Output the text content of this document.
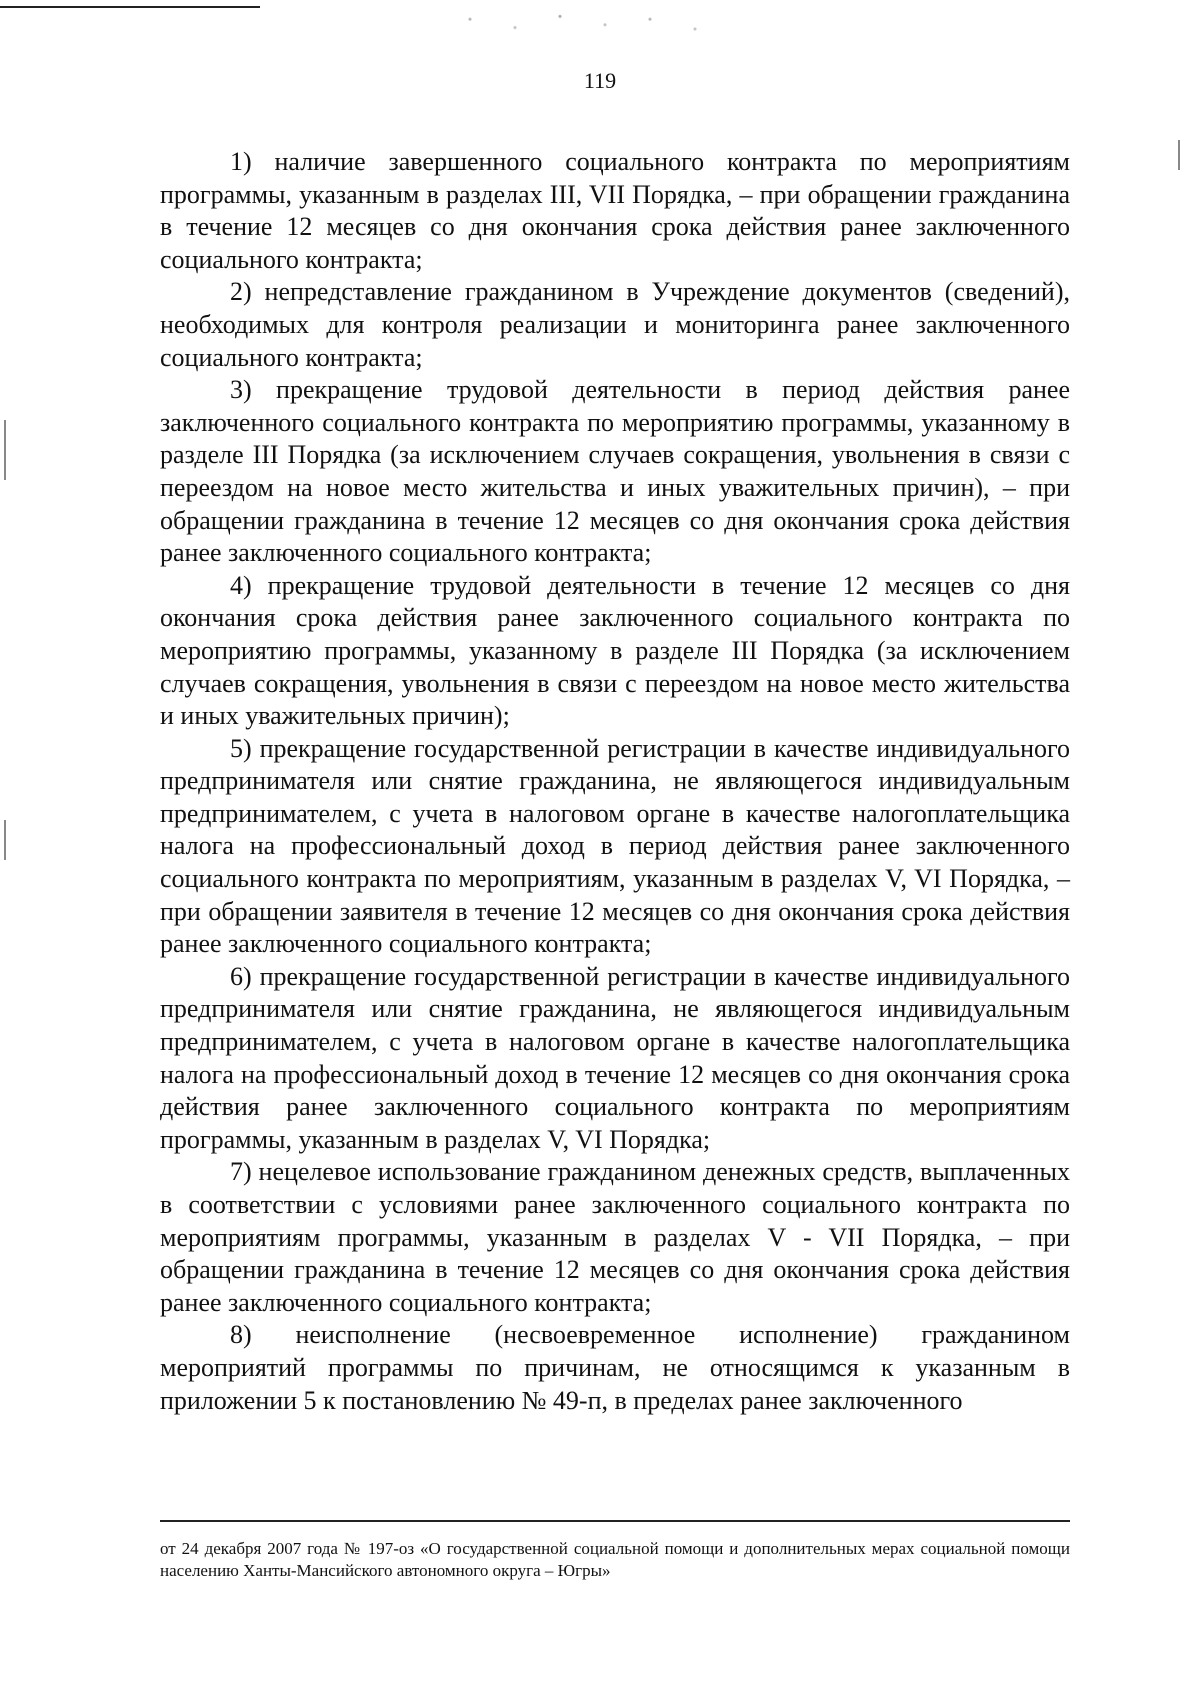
119

1) наличие завершенного социального контракта по мероприятиям программы, указанным в разделах III, VII Порядка, – при обращении гражданина в течение 12 месяцев со дня окончания срока действия ранее заключенного социального контракта;

2) непредставление гражданином в Учреждение документов (сведений), необходимых для контроля реализации и мониторинга ранее заключенного социального контракта;

3) прекращение трудовой деятельности в период действия ранее заключенного социального контракта по мероприятию программы, указанному в разделе III Порядка (за исключением случаев сокращения, увольнения в связи с переездом на новое место жительства и иных уважительных причин), – при обращении гражданина в течение 12 месяцев со дня окончания срока действия ранее заключенного социального контракта;

4) прекращение трудовой деятельности в течение 12 месяцев со дня окончания срока действия ранее заключенного социального контракта по мероприятию программы, указанному в разделе III Порядка (за исключением случаев сокращения, увольнения в связи с переездом на новое место жительства и иных уважительных причин);

5) прекращение государственной регистрации в качестве индивидуального предпринимателя или снятие гражданина, не являющегося индивидуальным предпринимателем, с учета в налоговом органе в качестве налогоплательщика налога на профессиональный доход в период действия ранее заключенного социального контракта по мероприятиям, указанным в разделах V, VI Порядка, – при обращении заявителя в течение 12 месяцев со дня окончания срока действия ранее заключенного социального контракта;

6) прекращение государственной регистрации в качестве индивидуального предпринимателя или снятие гражданина, не являющегося индивидуальным предпринимателем, с учета в налоговом органе в качестве налогоплательщика налога на профессиональный доход в течение 12 месяцев со дня окончания срока действия ранее заключенного социального контракта по мероприятиям программы, указанным в разделах V, VI Порядка;

7) нецелевое использование гражданином денежных средств, выплаченных в соответствии с условиями ранее заключенного социального контракта по мероприятиям программы, указанным в разделах V - VII Порядка, – при обращении гражданина в течение 12 месяцев со дня окончания срока действия ранее заключенного социального контракта;

8) неисполнение (несвоевременное исполнение) гражданином мероприятий программы по причинам, не относящимся к указанным в приложении 5 к постановлению № 49-п, в пределах ранее заключенного

от 24 декабря 2007 года № 197-оз «О государственной социальной помощи и дополнительных мерах социальной помощи населению Ханты-Мансийского автономного округа – Югры»
